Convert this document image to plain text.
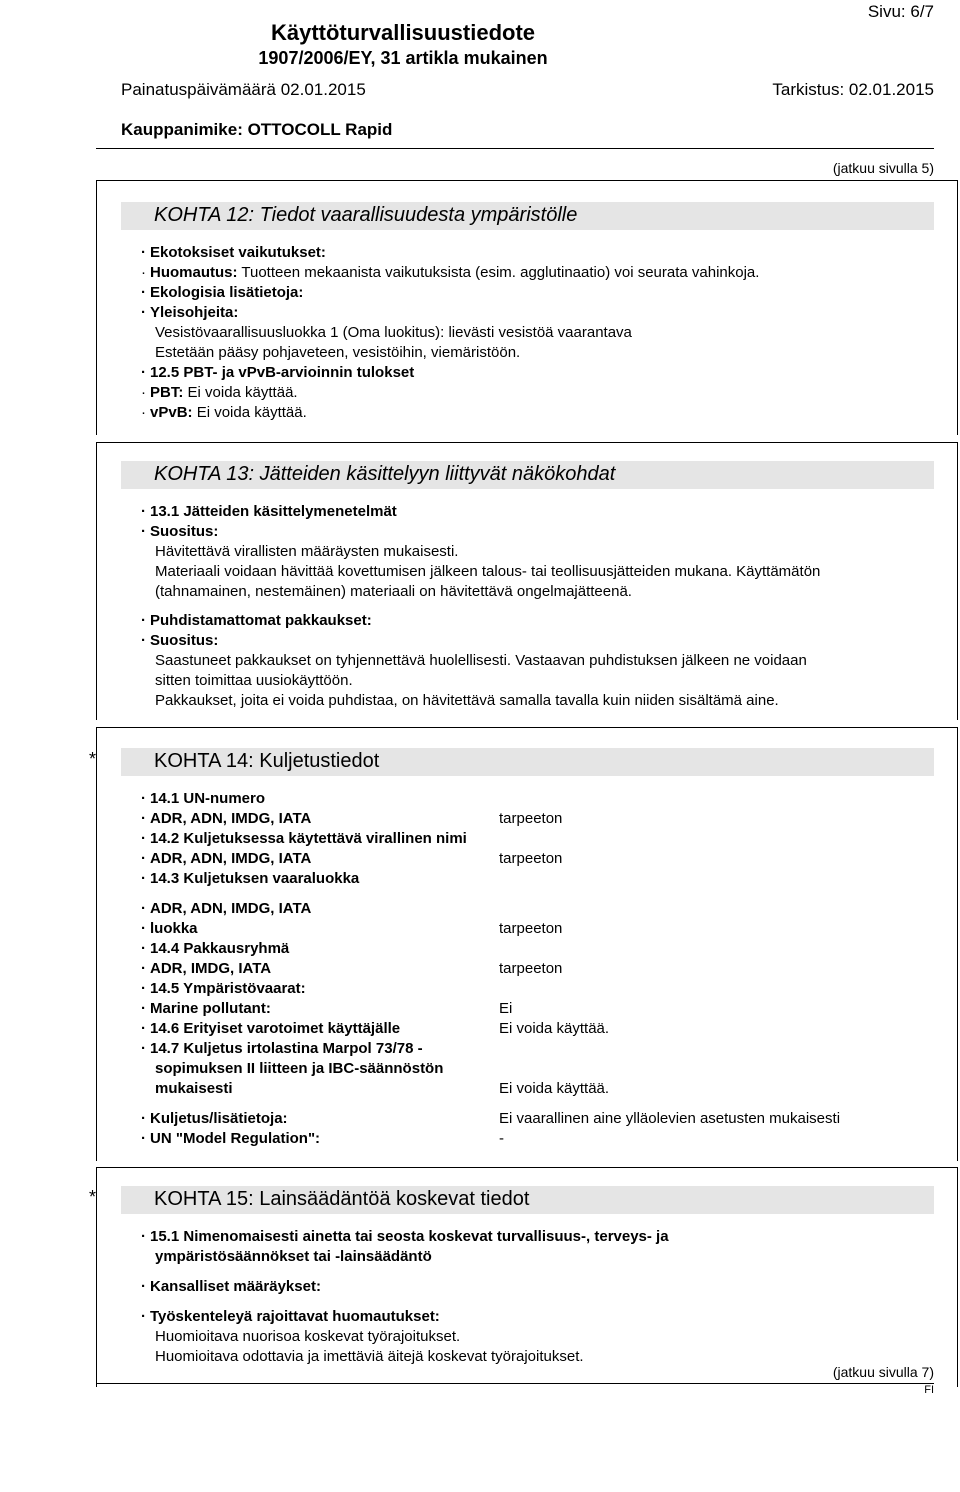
Sivu: 6/7
Käyttöturvallisuustiedote
1907/2006/EY, 31 artikla mukainen
Painatuspäivämäärä 02.01.2015	Tarkistus: 02.01.2015
Kauppanimike: OTTOCOLL Rapid
(jatkuu sivulla 5)
KOHTA 12: Tiedot vaarallisuudesta ympäristölle
· Ekotoksiset vaikutukset:
· Huomautus: Tuotteen mekaanista vaikutuksista (esim. agglutinaatio) voi seurata vahinkoja.
· Ekologisia lisätietoja:
· Yleisohjeita:
Vesistövaarallisuusluokka 1 (Oma luokitus): lievästi vesistöä vaarantava
Estetään pääsy pohjaveteen, vesistöihin, viemäristöön.
· 12.5 PBT- ja vPvB-arvioinnin tulokset
· PBT: Ei voida käyttää.
· vPvB: Ei voida käyttää.
KOHTA 13: Jätteiden käsittelyyn liittyvät näkökohdat
· 13.1 Jätteiden käsittelymenetelmät
· Suositus:
Hävitettävä virallisten määräysten mukaisesti.
Materiaali voidaan hävittää kovettumisen jälkeen talous- tai teollisuusjätteiden mukana. Käyttämätön
(tahnamainen, nestemäinen) materiaali on hävitettävä ongelmajätteenä.
· Puhdistamattomat pakkaukset:
· Suositus:
Saastuneet pakkaukset on tyhjennettävä huolellisesti. Vastaavan puhdistuksen jälkeen ne voidaan
sitten toimittaa uusiokäyttöön.
Pakkaukset, joita ei voida puhdistaa, on hävitettävä samalla tavalla kuin niiden sisältämä aine.
*	KOHTA 14: Kuljetustiedot
· 14.1 UN-numero
· ADR, ADN, IMDG, IATA	tarpeeton
· 14.2 Kuljetuksessa käytettävä virallinen nimi
· ADR, ADN, IMDG, IATA	tarpeeton
· 14.3 Kuljetuksen vaaraluokka
· ADR, ADN, IMDG, IATA
· luokka	tarpeeton
· 14.4 Pakkausryhmä
· ADR, IMDG, IATA	tarpeeton
· 14.5 Ympäristövaarat:
· Marine pollutant:	Ei
· 14.6 Erityiset varotoimet käyttäjälle	Ei voida käyttää.
· 14.7 Kuljetus irtolastina Marpol 73/78 -
sopimuksen II liitteen ja IBC-säännöstön
mukaisesti	Ei voida käyttää.
· Kuljetus/lisätietoja:	Ei vaarallinen aine ylläolevien asetusten mukaisesti
· UN "Model Regulation":	-
*	KOHTA 15: Lainsäädäntöä koskevat tiedot
· 15.1 Nimenomaisesti ainetta tai seosta koskevat turvallisuus-, terveys- ja
ympäristösäännökset tai -lainsäädäntö
· Kansalliset määräykset:
· Työskenteleyä rajoittavat huomautukset:
Huomioitava nuorisoa koskevat työrajoitukset.
Huomioitava odottavia ja imettäviä äitejä koskevat työrajoitukset.
(jatkuu sivulla 7)
FI
